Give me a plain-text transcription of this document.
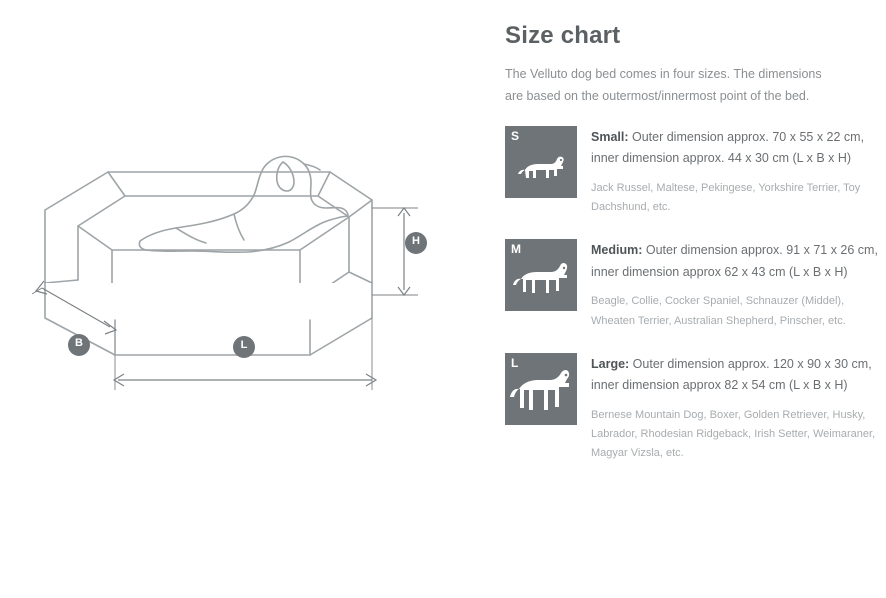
H
B	L
Size chart

The Velluto dog bed comes in four sizes. The dimensions are based on the outermost/innermost point of the bed.

S	Small: Outer dimension approx. 70 x 55 x 22 cm, inner dimension approx. 44 x 30 cm (L x B x H)

Jack Russel, Maltese, Pekingese, Yorkshire Terrier, Toy Dachshund, etc.

M	Medium: Outer dimension approx. 91 x 71 x 26 cm, inner dimension approx 62 x 43 cm (L x B x H)

Beagle, Collie, Cocker Spaniel, Schnauzer (Middel), Wheaten Terrier, Australian Shepherd, Pinscher, etc.

L	Large: Outer dimension approx. 120 x 90 x 30 cm, inner dimension approx 82 x 54 cm (L x B x H)

Bernese Mountain Dog, Boxer, Golden Retriever, Husky, Labrador, Rhodesian Ridgeback, Irish Setter, Weimaraner, Magyar Vizsla, etc.
